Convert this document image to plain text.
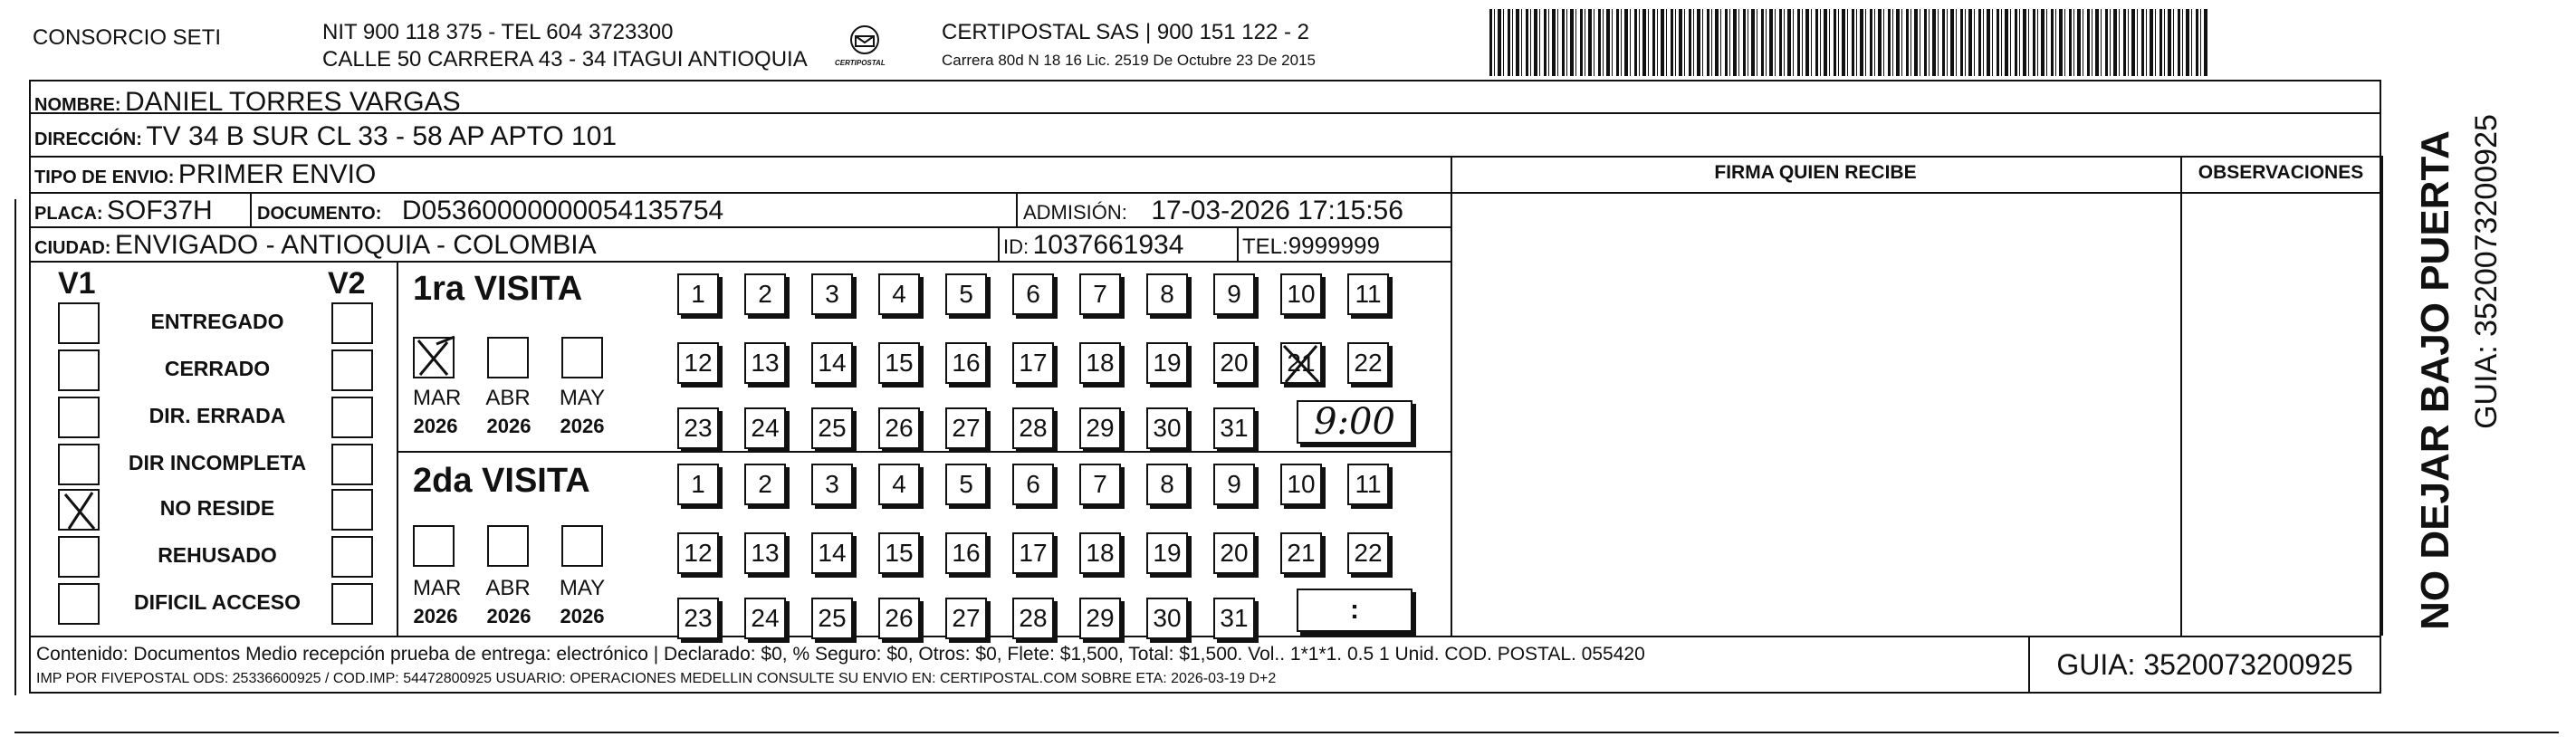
CONSORCIO SETI	NIT 900 118 375 - TEL 604 3723300
CALLE 50 CARRERA 43 - 34 ITAGUI ANTIOQUIA	CERTIPOSTAL
CERTIPOSTAL SAS | 900 151 122 - 2
Carrera 80d N 18 16 Lic. 2519 De Octubre 23 De 2015
NOMBRE: DANIEL TORRES VARGAS
DIRECCIÓN: TV 34 B SUR CL 33 - 58 AP APTO 101
TIPO DE ENVIO: PRIMER ENVIO
PLACA: SOF37H DOCUMENTO: D05360000000054135754	ADMISIÓN: 17-03-2026 17:15:56
CIUDAD: ENVIGADO - ANTIOQUIA - COLOMBIA	ID: 1037661934	TEL:9999999
FIRMA QUIEN RECIBE	OBSERVACIONES
V1	V2
ENTREGADO
CERRADO
DIR. ERRADA
DIR INCOMPLETA
NO RESIDE
REHUSADO
DIFICIL ACCESO
1ra VISITA
2da VISITA
MAR ABR MAY
2026 2026 2026
MAR ABR MAY
2026 2026 2026
1	2	3	4	5	6	7	8	9	10	11
12 13 14 15 16 17 18 19 20 21 22
23 24 25 26 27 28 29 30 31
1	2	3	4	5	6	7	8	9	10	11
12 13 14 15 16 17 18 19 20 21 22
23 24 25 26 27 28 29 30 31
9:00
:
Contenido: Documentos Medio recepción prueba de entrega: electrónico | Declarado: $0, % Seguro: $0, Otros: $0, Flete: $1,500, Total: $1,500. Vol.. 1*1*1. 0.5 1 Unid. COD. POSTAL. 055420
IMP POR FIVEPOSTAL ODS: 25336600925 / COD.IMP: 54472800925 USUARIO: OPERACIONES MEDELLIN CONSULTE SU ENVIO EN: CERTIPOSTAL.COM SOBRE ETA: 2026-03-19 D+2	GUIA: 3520073200925
NO DEJAR BAJO PUERTA GUIA: 3520073200925
